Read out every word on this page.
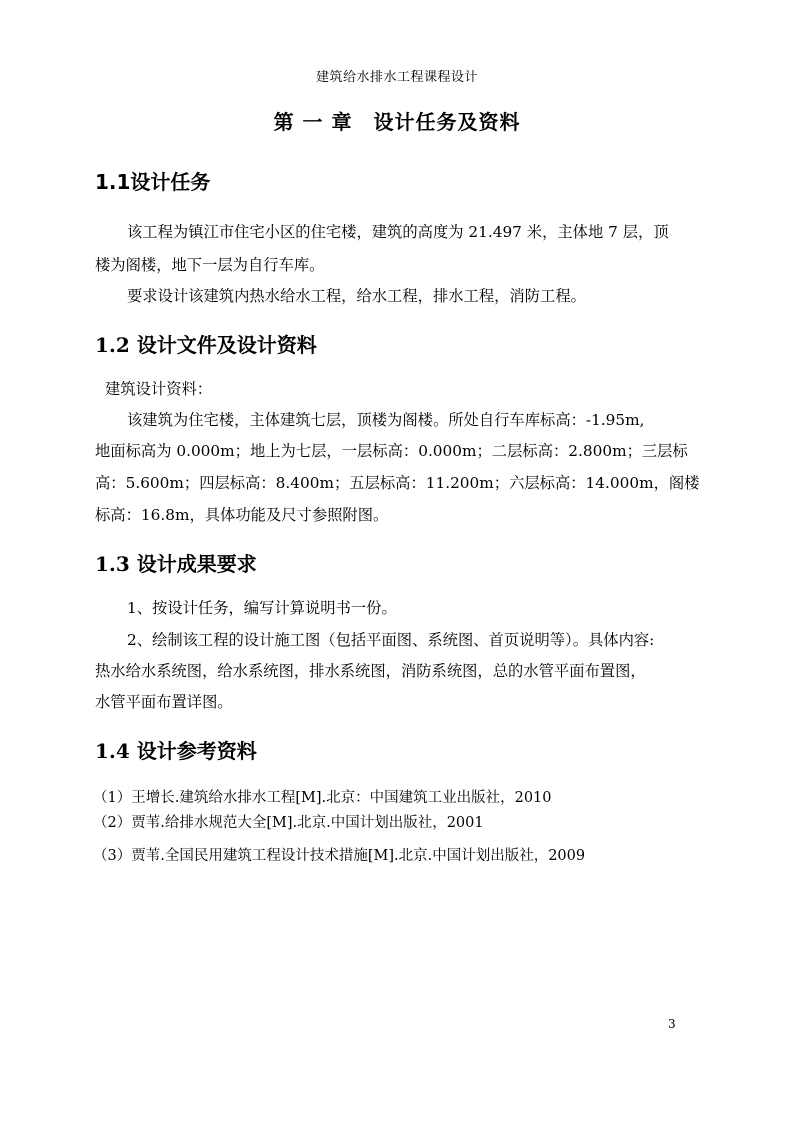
建筑给水排水工程课程设计
第 一 章　设计任务及资料
1.1设计任务
该工程为镇江市住宅小区的住宅楼，建筑的高度为 21.497 米，主体地 7 层，顶
楼为阁楼，地下一层为自行车库。
要求设计该建筑内热水给水工程，给水工程，排水工程，消防工程。
1.2 设计文件及设计资料
建筑设计资料：
该建筑为住宅楼，主体建筑七层，顶楼为阁楼。所处自行车库标高：-1.95m,
地面标高为 0.000m；地上为七层，一层标高：0.000m；二层标高：2.800m；三层标
高：5.600m；四层标高：8.400m；五层标高：11.200m；六层标高：14.000m，阁楼
标高：16.8m，具体功能及尺寸参照附图。
1.3 设计成果要求
1、按设计任务，编写计算说明书一份。
2、绘制该工程的设计施工图（包括平面图、系统图、首页说明等）。具体内容:
热水给水系统图，给水系统图，排水系统图，消防系统图，总的水管平面布置图，
水管平面布置详图。
1.4 设计参考资料
（1）王增长.建筑给水排水工程[M].北京：中国建筑工业出版社，2010
（2）贾苇.给排水规范大全[M].北京.中国计划出版社，2001
（3）贾苇.全国民用建筑工程设计技术措施[M].北京.中国计划出版社，2009
3
